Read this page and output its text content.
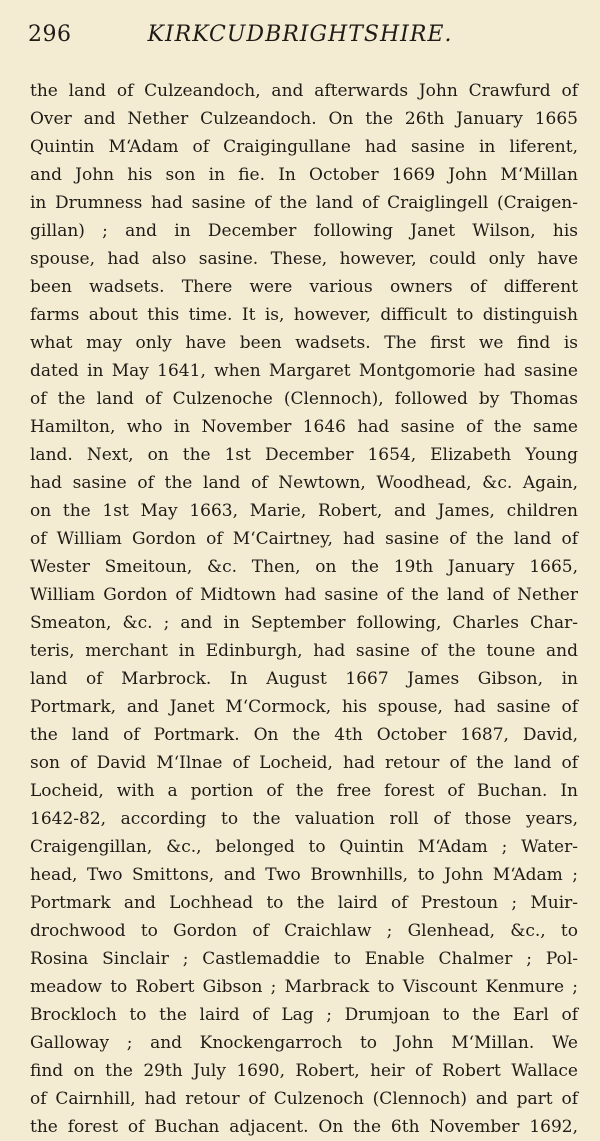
296	KIRKCUDBRIGHTSHIRE.
the land of Culzeandoch, and afterwards John Crawfurd of
Over and Nether Culzeandoch. On the 26th January 1665
Quintin M‘Adam of Craigingullane had sasine in liferent,
and John his son in fie. In October 1669 John M‘Millan
in Drumness had sasine of the land of Craiglingell (Craigen-
gillan) ; and in December following Janet Wilson, his
spouse, had also sasine. These, however, could only have
been wadsets. There were various owners of different
farms about this time. It is, however, difficult to distinguish
what may only have been wadsets. The first we find is
dated in May 1641, when Margaret Montgomorie had sasine
of the land of Culzenoche (Clennoch), followed by Thomas
Hamilton, who in November 1646 had sasine of the same
land. Next, on the 1st December 1654, Elizabeth Young
had sasine of the land of Newtown, Woodhead, &c. Again,
on the 1st May 1663, Marie, Robert, and James, children
of William Gordon of M‘Cairtney, had sasine of the land of
Wester Smeitoun, &c. Then, on the 19th January 1665,
William Gordon of Midtown had sasine of the land of Nether
Smeaton, &c. ; and in September following, Charles Char-
teris, merchant in Edinburgh, had sasine of the toune and
land of Marbrock. In August 1667 James Gibson, in
Portmark, and Janet M‘Cormock, his spouse, had sasine of
the land of Portmark. On the 4th October 1687, David,
son of David M‘Ilnae of Locheid, had retour of the land of
Locheid, with a portion of the free forest of Buchan. In
1642-82, according to the valuation roll of those years,
Craigengillan, &c., belonged to Quintin M‘Adam ; Water-
head, Two Smittons, and Two Brownhills, to John M‘Adam ;
Portmark and Lochhead to the laird of Prestoun ; Muir-
drochwood to Gordon of Craichlaw ; Glenhead, &c., to
Rosina Sinclair ; Castlemaddie to Enable Chalmer ; Pol-
meadow to Robert Gibson ; Marbrack to Viscount Kenmure ;
Brockloch to the laird of Lag ; Drumjoan to the Earl of
Galloway ; and Knockengarroch to John M‘Millan. We
find on the 29th July 1690, Robert, heir of Robert Wallace
of Cairnhill, had retour of Culzenoch (Clennoch) and part of
the forest of Buchan adjacent. On the 6th November 1692,
